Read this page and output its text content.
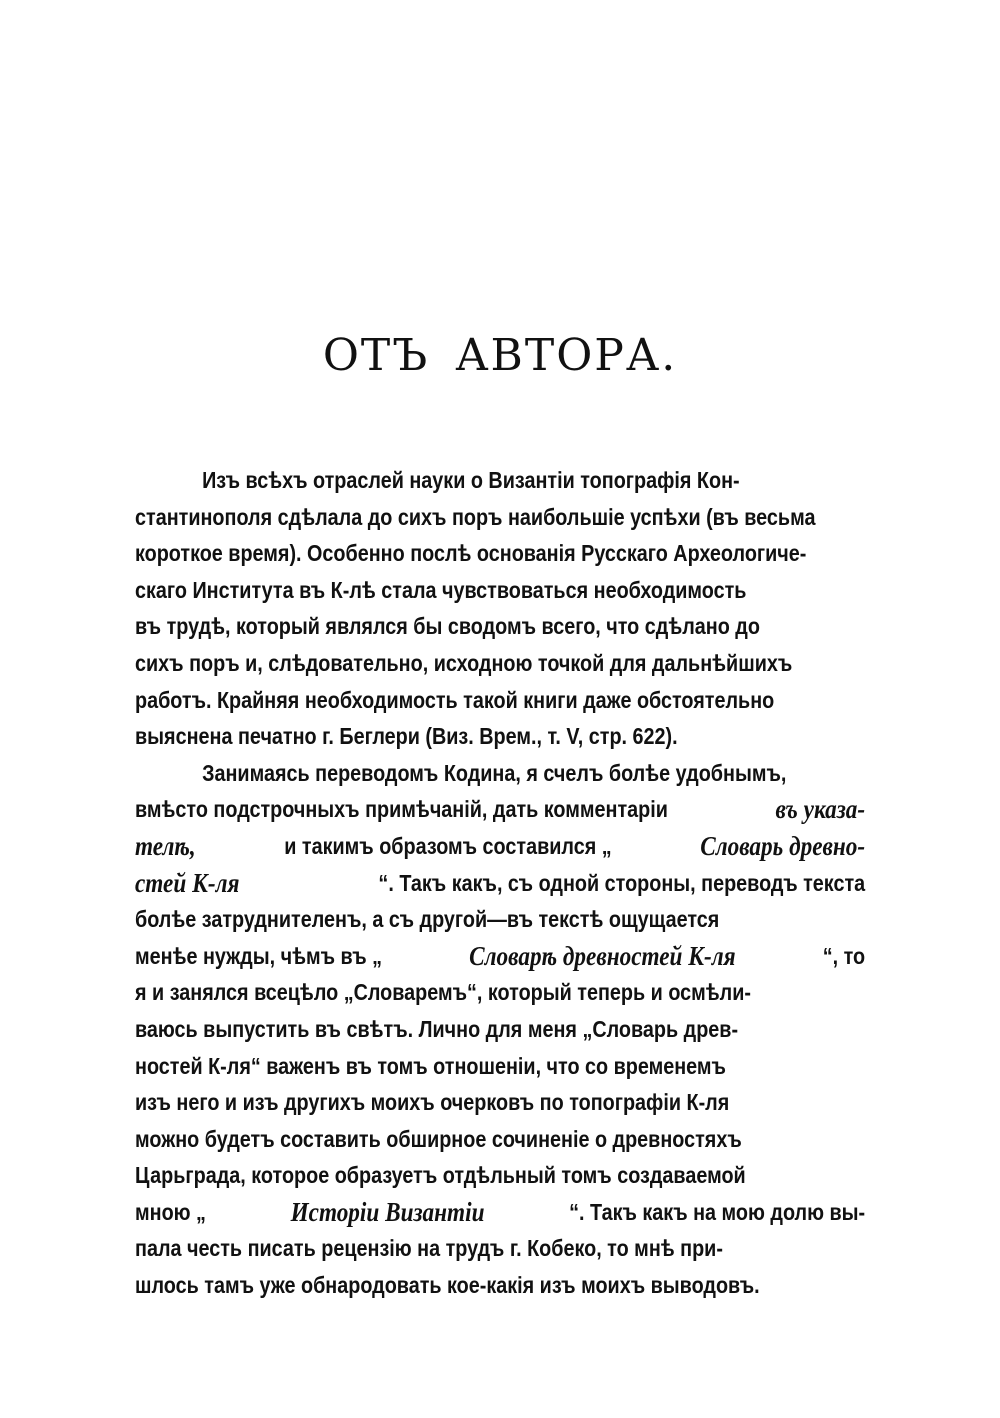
ОТЪ АВТОРА.
Изъ всѣхъ отраслей науки о Византіи топографія Кон-
стантинополя сдѣлала до сихъ поръ наибольшіе успѣхи (въ весьма
короткое время). Особенно послѣ основанія Русскаго Археологиче-
скаго Института въ К-лѣ стала чувствоваться необходимость
въ трудѣ, который являлся бы сводомъ всего, что сдѣлано до
сихъ поръ и, слѣдовательно, исходною точкой для дальнѣйшихъ
работъ. Крайняя необходимость такой книги даже обстоятельно
выяснена печатно г. Беглери (Виз. Врем., т. V, стр. 622).
Занимаясь переводомъ Кодина, я счелъ болѣе удобнымъ,
вмѣсто подстрочныхъ примѣчаній, дать комментаріи	въ указа-
телѣ,	и такимъ образомъ составился „	Словарь древно-
стей К-ля	“. Такъ какъ, съ одной стороны, переводъ текста
болѣе затруднителенъ, а съ другой—въ текстѣ ощущается
менѣе нужды, чѣмъ въ „	Словарѣ древностей К-ля	“, то
я и занялся всецѣло „Словаремъ“, который теперь и осмѣли-
ваюсь выпустить въ свѣтъ. Лично для меня „Словарь древ-
ностей К-ля“ важенъ въ томъ отношеніи, что со временемъ
изъ него и изъ другихъ моихъ очерковъ по топографіи К-ля
можно будетъ составить обширное сочиненіе о древностяхъ
Царьграда, которое образуетъ отдѣльный томъ создаваемой
мною „	Исторіи Византіи	“. Такъ какъ на мою долю вы-
пала честь писать рецензію на трудъ г. Кобеко, то мнѣ при-
шлось тамъ уже обнародовать кое-какія изъ моихъ выводовъ.
